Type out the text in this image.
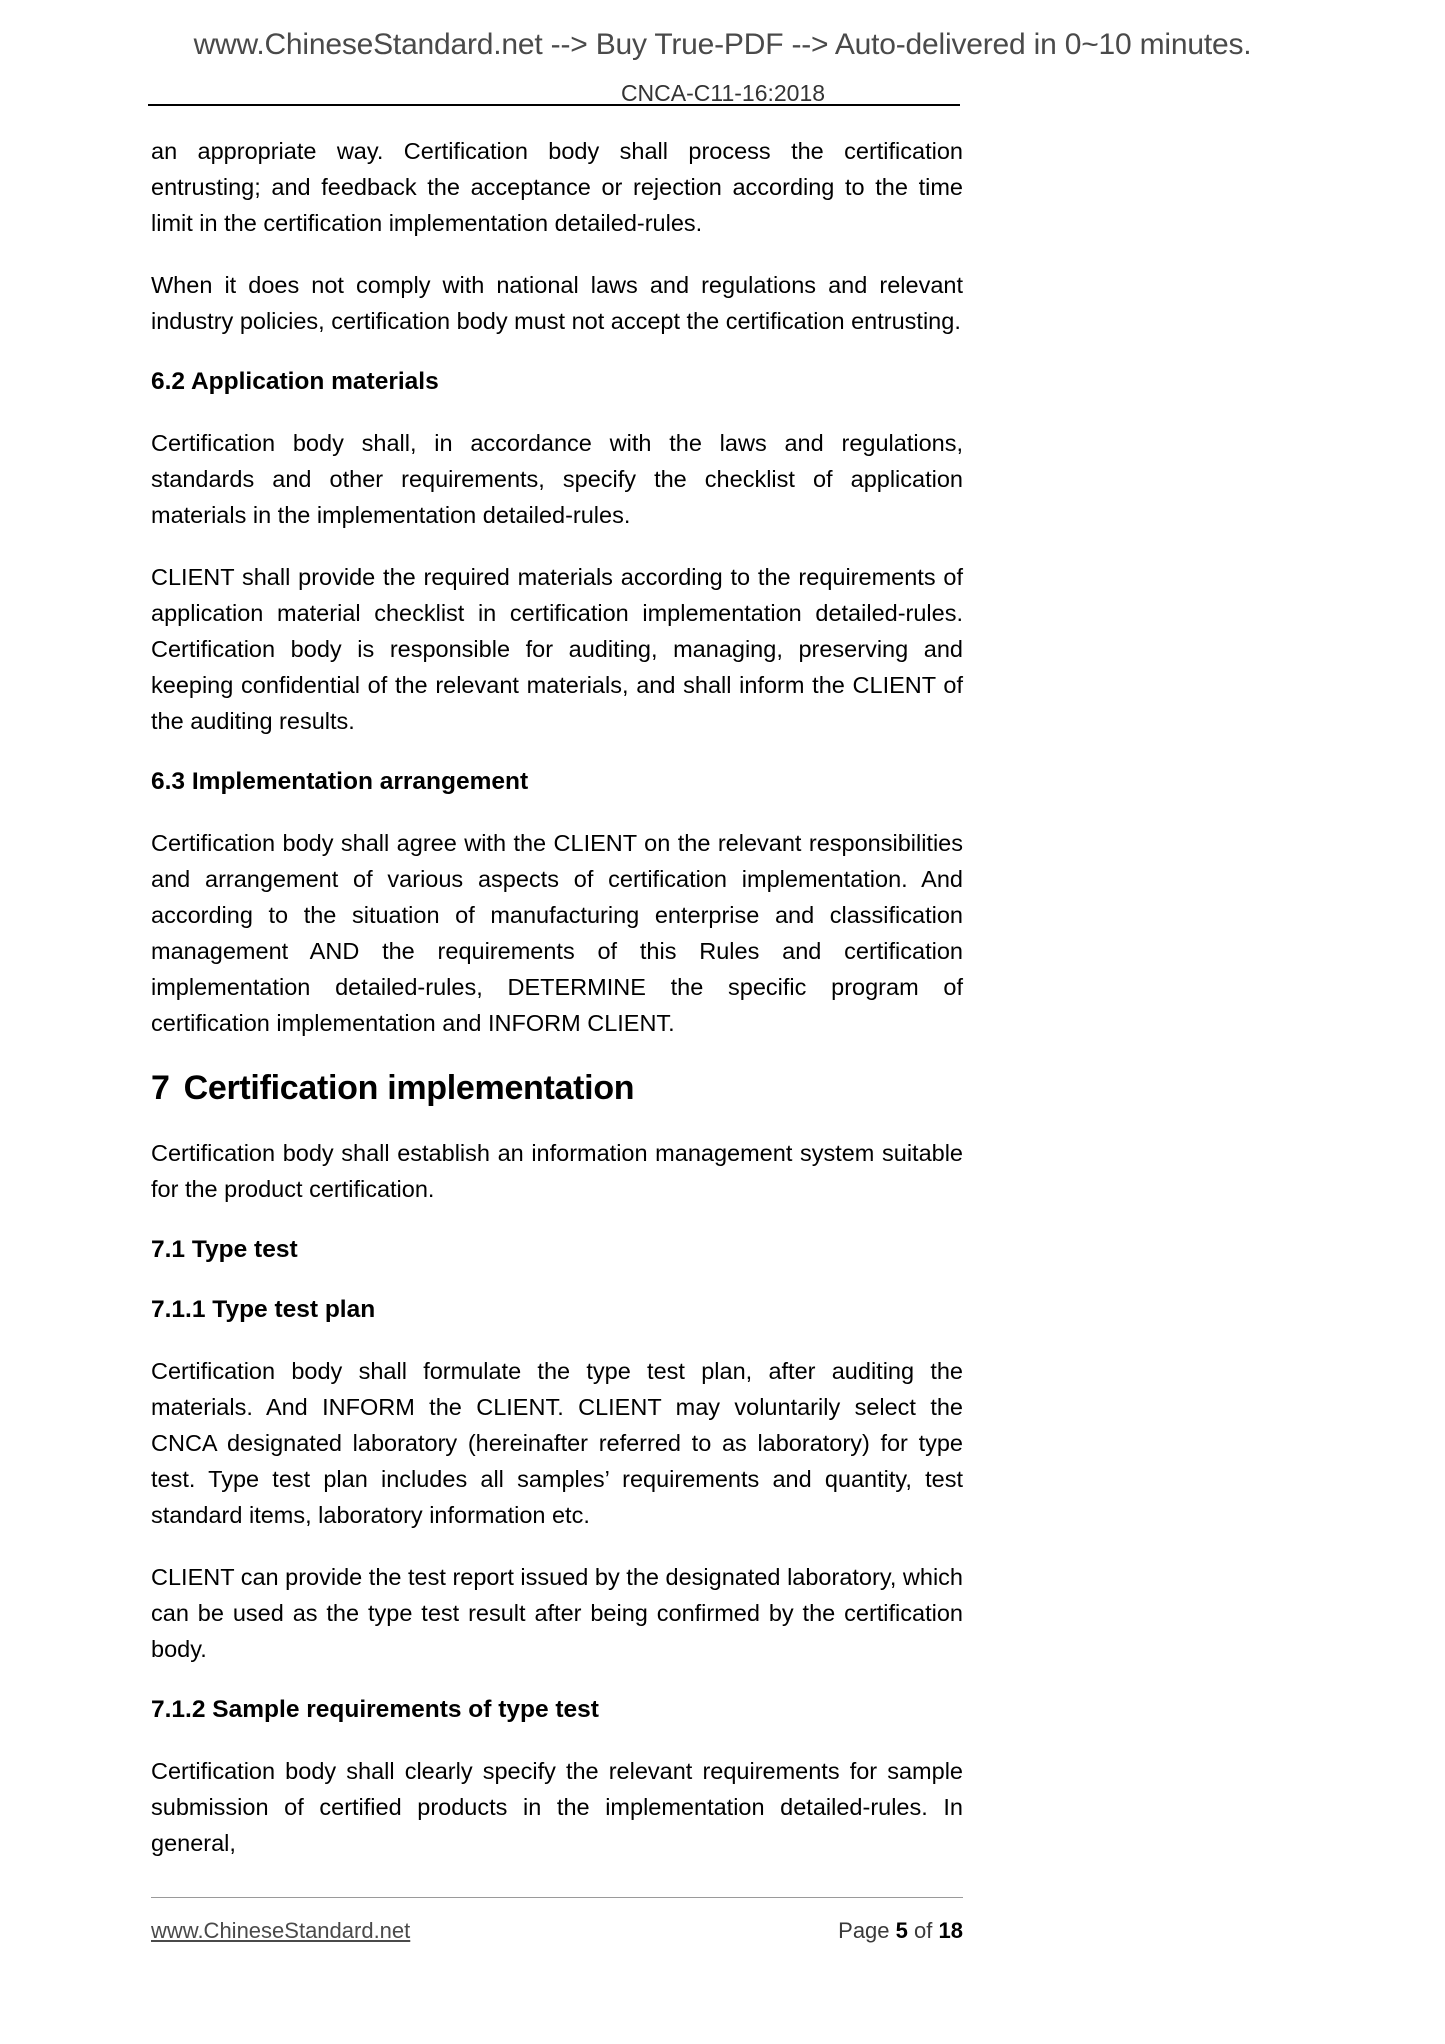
www.ChineseStandard.net --> Buy True-PDF --> Auto-delivered in 0~10 minutes.
CNCA-C11-16:2018

an appropriate way. Certification body shall process the certification entrusting; and feedback the acceptance or rejection according to the time limit in the certification implementation detailed-rules.

When it does not comply with national laws and regulations and relevant industry policies, certification body must not accept the certification entrusting.

6.2 Application materials

Certification body shall, in accordance with the laws and regulations, standards and other requirements, specify the checklist of application materials in the implementation detailed-rules.

CLIENT shall provide the required materials according to the requirements of application material checklist in certification implementation detailed-rules. Certification body is responsible for auditing, managing, preserving and keeping confidential of the relevant materials, and shall inform the CLIENT of the auditing results.

6.3 Implementation arrangement

Certification body shall agree with the CLIENT on the relevant responsibilities and arrangement of various aspects of certification implementation. And according to the situation of manufacturing enterprise and classification management AND the requirements of this Rules and certification implementation detailed-rules, DETERMINE the specific program of certification implementation and INFORM CLIENT.

7 Certification implementation

Certification body shall establish an information management system suitable for the product certification.

7.1 Type test
7.1.1 Type test plan

Certification body shall formulate the type test plan, after auditing the materials. And INFORM the CLIENT. CLIENT may voluntarily select the CNCA designated laboratory (hereinafter referred to as laboratory) for type test. Type test plan includes all samples’ requirements and quantity, test standard items, laboratory information etc.

CLIENT can provide the test report issued by the designated laboratory, which can be used as the type test result after being confirmed by the certification body.

7.1.2 Sample requirements of type test

Certification body shall clearly specify the relevant requirements for sample submission of certified products in the implementation detailed-rules. In general,

www.ChineseStandard.net	Page 5 of 18
